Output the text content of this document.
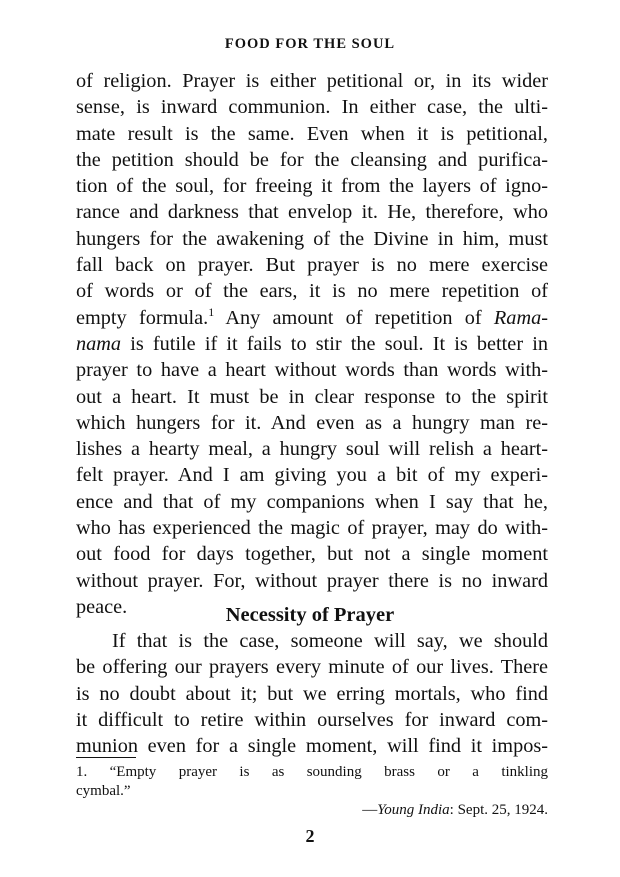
FOOD FOR THE SOUL
of religion. Prayer is either petitional or, in its wider
sense, is inward communion. In either case, the ulti-
mate result is the same. Even when it is petitional,
the petition should be for the cleansing and purifica-
tion of the soul, for freeing it from the layers of igno-
rance and darkness that envelop it. He, therefore, who
hungers for the awakening of the Divine in him, must
fall back on prayer. But prayer is no mere exercise
of words or of the ears, it is no mere repetition of
empty formula.$^1$ Any amount of repetition of Rama-
nama is futile if it fails to stir the soul. It is better in
prayer to have a heart without words than words with-
out a heart. It must be in clear response to the spirit
which hungers for it. And even as a hungry man re-
lishes a hearty meal, a hungry soul will relish a heart-
felt prayer. And I am giving you a bit of my experi-
ence and that of my companions when I say that he,
who has experienced the magic of prayer, may do with-
out food for days together, but not a single moment
without prayer. For, without prayer there is no inward
peace.	Necessity of Prayer
If that is the case, someone will say, we should
be offering our prayers every minute of our lives. There
is no doubt about it; but we erring mortals, who find
it difficult to retire within ourselves for inward com-
munion even for a single moment, will find it impos-
1. “Empty prayer is as sounding brass or a tinkling
cymbal.”
—Young India: Sept. 25, 1924.
2
